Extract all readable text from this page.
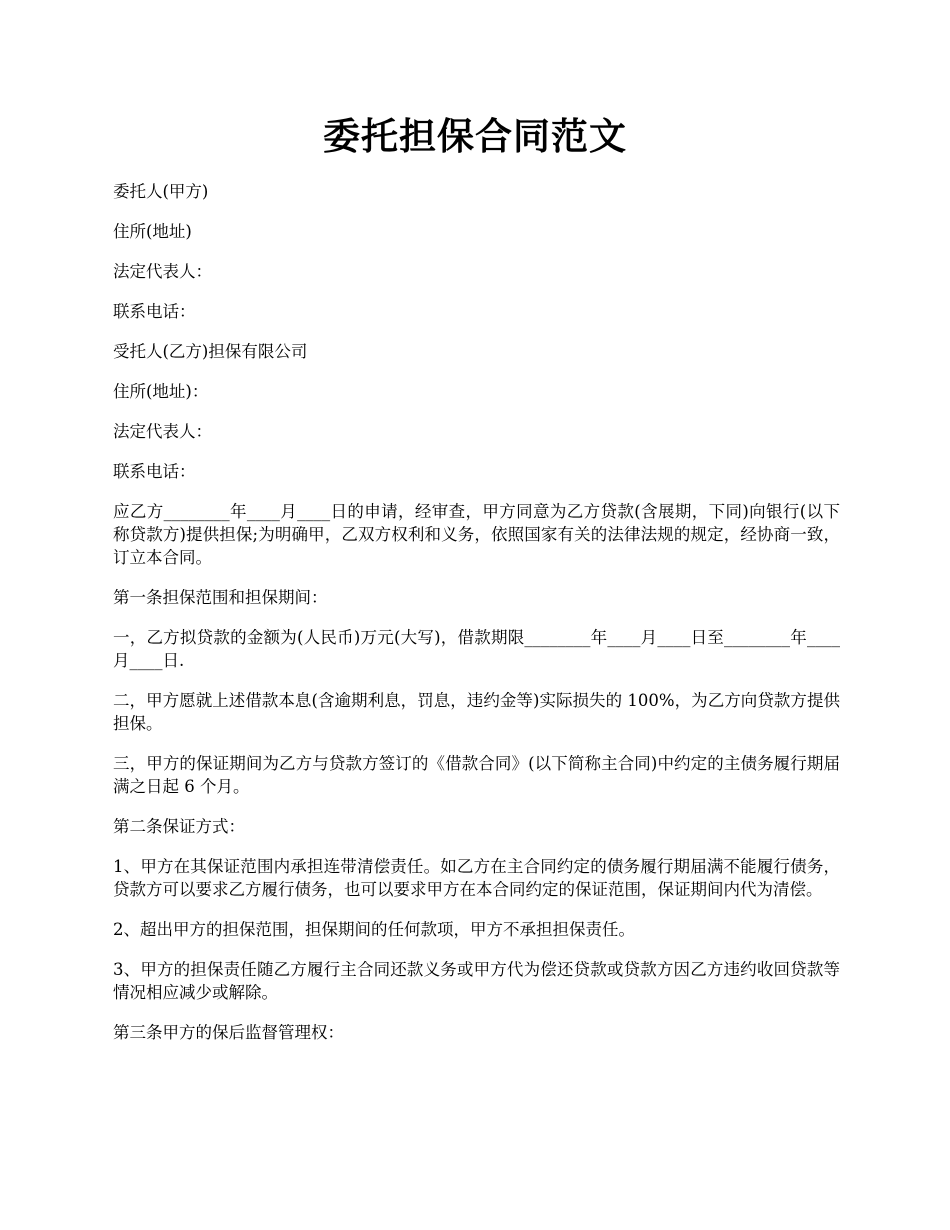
委托担保合同范文

委托人(甲方)

住所(地址)

法定代表人：

联系电话：

受托人(乙方)担保有限公司

住所(地址)：

法定代表人：

联系电话：

应乙方________年____月____日的申请，经审查，甲方同意为乙方贷款(含展期，下同)向银行(以下称贷款方)提供担保;为明确甲，乙双方权利和义务，依照国家有关的法律法规的规定，经协商一致，订立本合同。

第一条担保范围和担保期间：

一，乙方拟贷款的金额为(人民币)万元(大写)，借款期限________年____月____日至________年____月____日.

二，甲方愿就上述借款本息(含逾期利息，罚息，违约金等)实际损失的 100%，为乙方向贷款方提供担保。

三，甲方的保证期间为乙方与贷款方签订的《借款合同》(以下简称主合同)中约定的主债务履行期届满之日起 6 个月。

第二条保证方式：

1、甲方在其保证范围内承担连带清偿责任。如乙方在主合同约定的债务履行期届满不能履行债务，贷款方可以要求乙方履行债务，也可以要求甲方在本合同约定的保证范围，保证期间内代为清偿。

2、超出甲方的担保范围，担保期间的任何款项，甲方不承担担保责任。

3、甲方的担保责任随乙方履行主合同还款义务或甲方代为偿还贷款或贷款方因乙方违约收回贷款等情况相应减少或解除。

第三条甲方的保后监督管理权：
